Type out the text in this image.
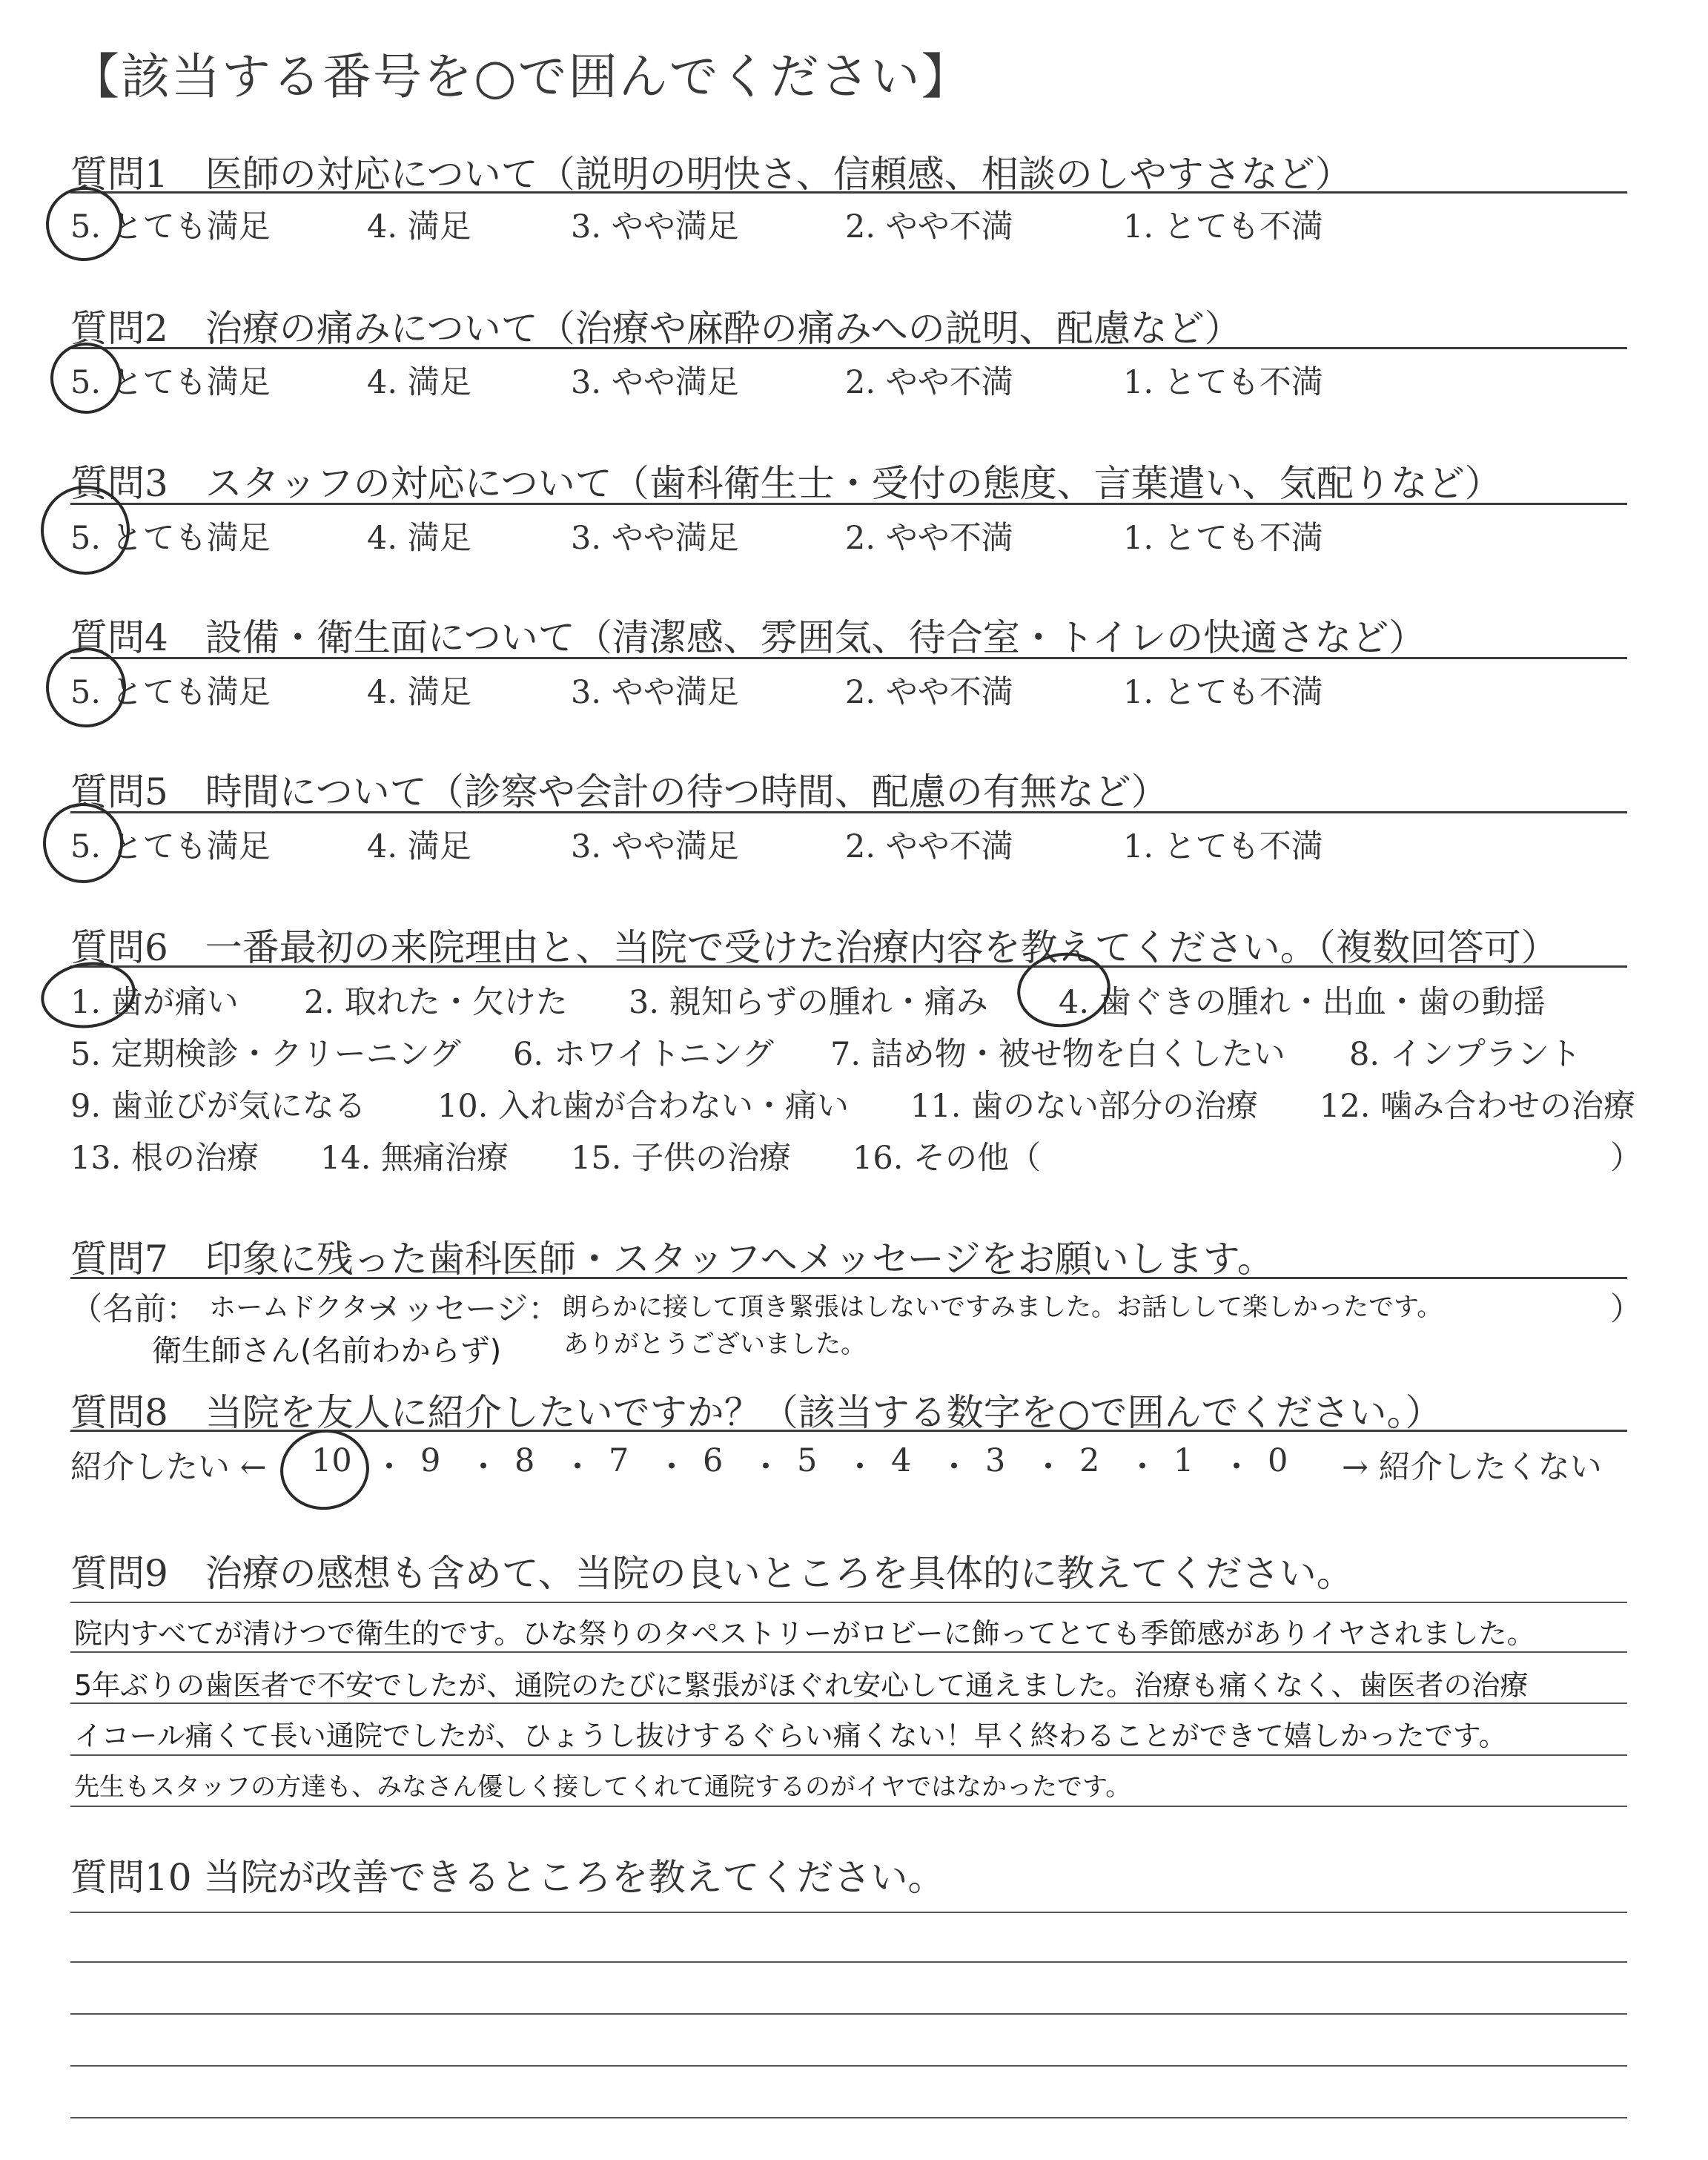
【該当する番号を○で囲んでください】
質問1　医師の対応について（説明の明快さ、信頼感、相談のしやすさなど）
5. とても満足	4. 満足	3. やや満足	2. やや不満	1. とても不満
質問2　治療の痛みについて（治療や麻酔の痛みへの説明、配慮など）
5. とても満足	4. 満足	3. やや満足	2. やや不満	1. とても不満
質問3　スタッフの対応について（歯科衛生士・受付の態度、言葉遣い、気配りなど）
5. とても満足	4. 満足	3. やや満足	2. やや不満	1. とても不満
質問4　設備・衛生面について（清潔感、雰囲気、待合室・トイレの快適さなど）
5. とても満足	4. 満足	3. やや満足	2. やや不満	1. とても不満
質問5　時間について（診察や会計の待つ時間、配慮の有無など）
5. とても満足	4. 満足	3. やや満足	2. やや不満	1. とても不満
質問6　一番最初の来院理由と、当院で受けた治療内容を教えてください。（複数回答可）
1. 歯が痛い 2. 取れた・欠けた 3. 親知らずの腫れ・痛み 4. 歯ぐきの腫れ・出血・歯の動揺
5. 定期検診・クリーニング 6. ホワイトニング 7. 詰め物・被せ物を白くしたい 8. インプラント
9. 歯並びが気になる 10. 入れ歯が合わない・痛い 11. 歯のない部分の治療 12. 噛み合わせの治療
13. 根の治療 14. 無痛治療 15. 子供の治療 16. その他（	）
質問7　印象に残った歯科医師・スタッフへメッセージをお願いします。
（名前： ホームドクター
衛生師さん(名前わからず)
メッセージ： 朗らかに接して頂き緊張はしないですみました。お話しして楽しかったです。
ありがとうございました。
）
質問8　当院を友人に紹介したいですか？（該当する数字を○で囲んでください。）
紹介したい ← 10 ・ 9 ・ 8 ・ 7 ・ 6 ・ 5 ・ 4 ・ 3 ・ 2 ・ 1 ・ 0 → 紹介したくない
質問9　治療の感想も含めて、当院の良いところを具体的に教えてください。
院内すべてが清けつで衛生的です。ひな祭りのタペストリーがロビーに飾ってとても季節感がありイヤされました。
5年ぶりの歯医者で不安でしたが、通院のたびに緊張がほぐれ安心して通えました。治療も痛くなく、歯医者の治療
イコール痛くて長い通院でしたが、ひょうし抜けするぐらい痛くない！早く終わることができて嬉しかったです。
先生もスタッフの方達も、みなさん優しく接してくれて通院するのがイヤではなかったです。
質問10 当院が改善できるところを教えてください。
